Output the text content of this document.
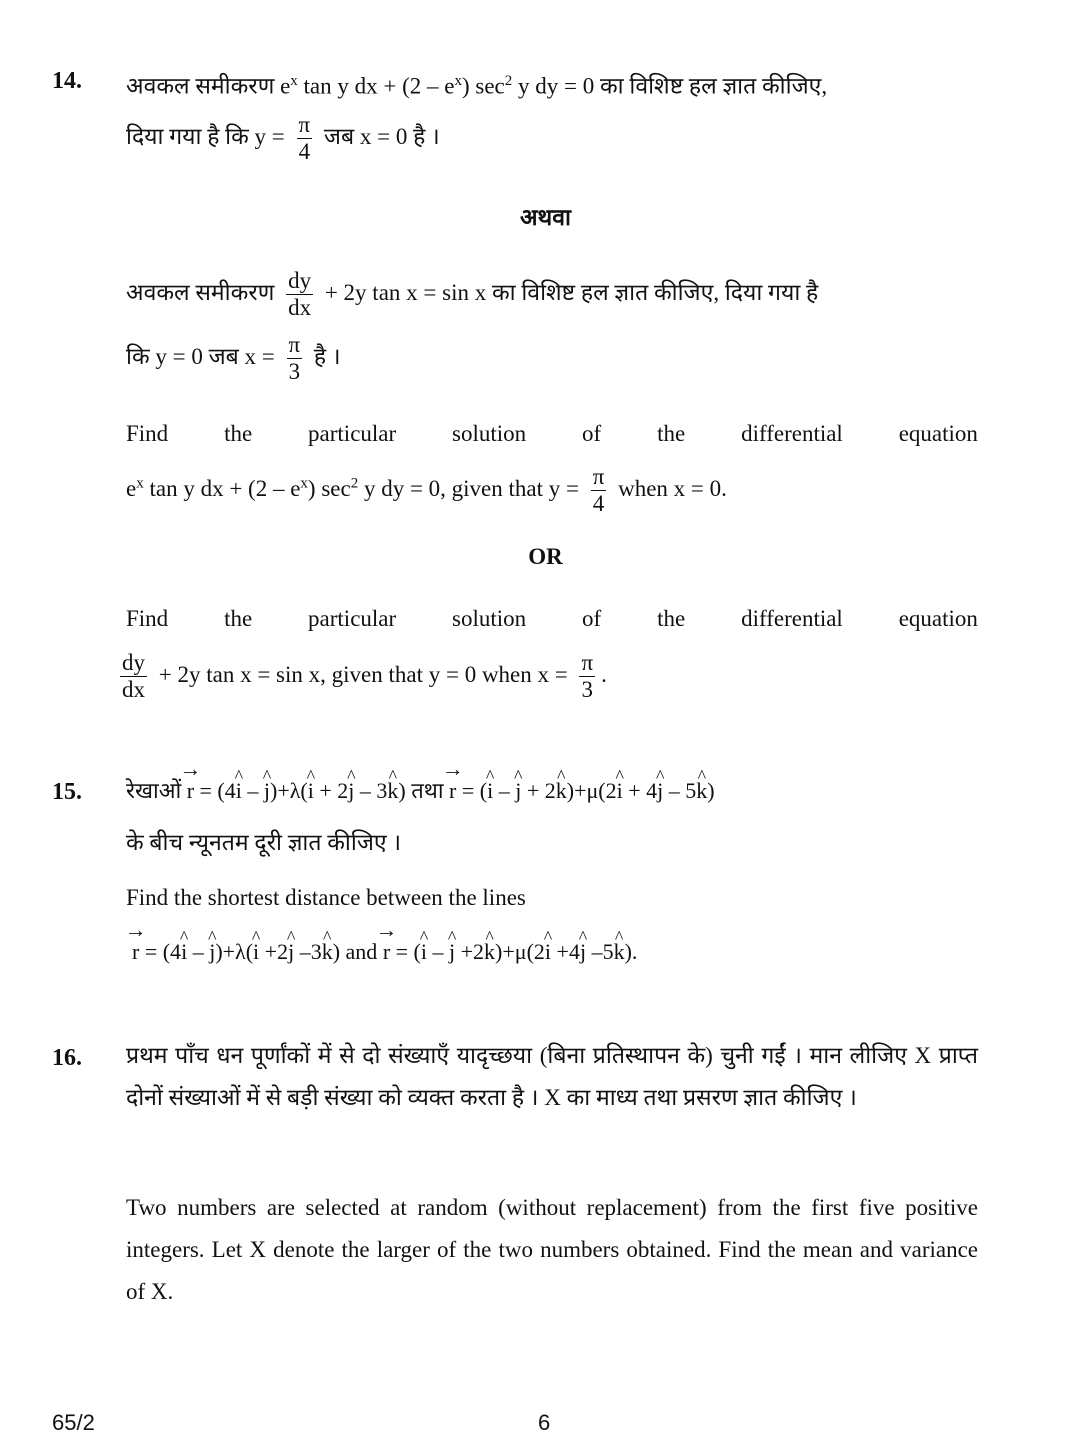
14. अवकल समीकरण $e^x$ tan y dx + $(2 - e^x)$ $\sec^2 y$ dy = 0 का विशिष्ट हल ज्ञात कीजिए,
दिया गया है कि $y = \frac{\pi}{4}$ जब x = 0 है ।
अथवा
अवकल समीकरण $\frac{dy}{dx} + 2y$ tan x = sin x का विशिष्ट हल ज्ञात कीजिए, दिया गया है
कि y = 0 जब $x = \frac{\pi}{3}$ है ।
Find the particular solution of the differential equation
$e^x$ tan y dx + $(2 - e^x)$ $\sec^2 y$ dy = 0, given that $y = \frac{\pi}{4}$ when x = 0.
OR
Find the particular solution of the differential equation
$\frac{dy}{dx} + 2y$ tan x = sin x, given that y = 0 when $x = \frac{\pi}{3}$ .
15. रेखाओं → r = (4^ i – ^ j)+λ(^ i + 2^ j – 3^ k) तथा → r = (^ i – ^ j + 2^ k)+μ(2^ i + 4^ j – 5^ k)
के बीच न्यूनतम दूरी ज्ञात कीजिए ।
Find the shortest distance between the lines
→ r = (4^ i – ^ j)+λ(^ i +2^ j –3^ k) and → r = (^ i – ^ j +2^ k)+μ(2^ i +4^ j –5^ k).
16. प्रथम पाँच धन पूर्णांकों में से दो संख्याएँ यादृच्छया (बिना प्रतिस्थापन के) चुनी गईं । मान लीजिए X प्राप्त दोनों संख्याओं में से बड़ी संख्या को व्यक्त करता है । X का माध्य तथा प्रसरण ज्ञात कीजिए ।
Two numbers are selected at random (without replacement) from the first five positive integers. Let X denote the larger of the two numbers obtained. Find the mean and variance of X.
65/2	6
